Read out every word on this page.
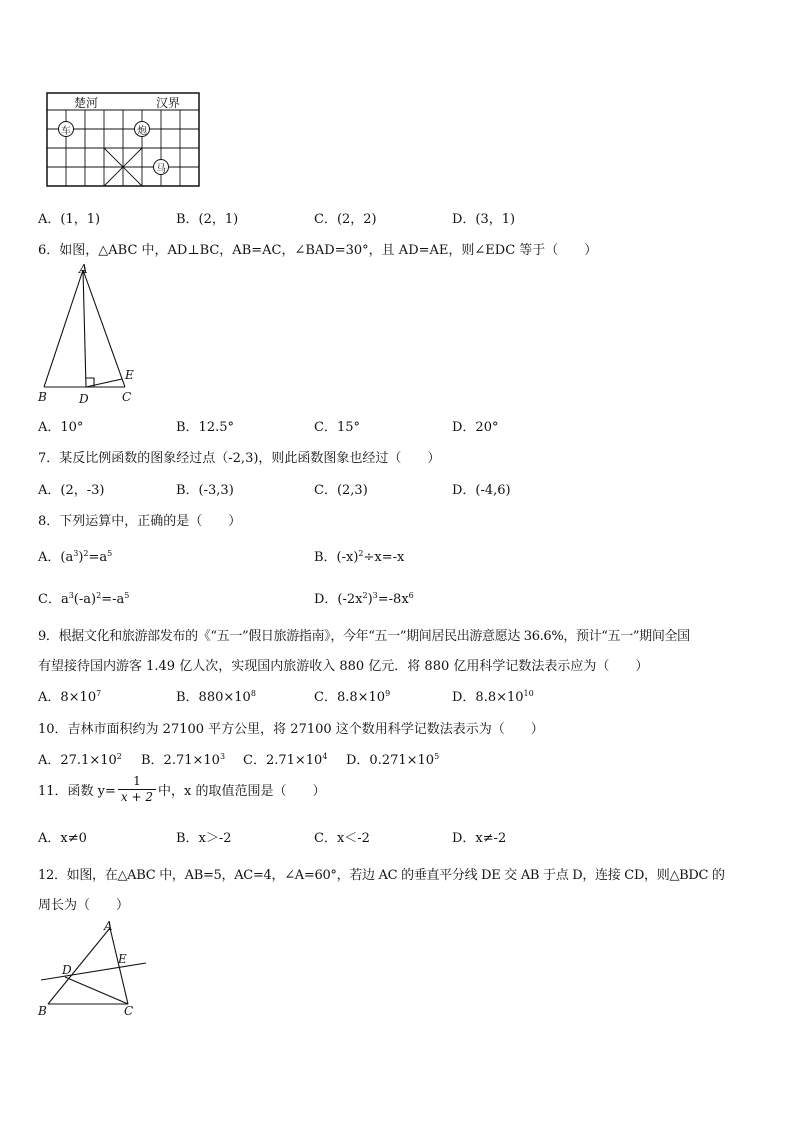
楚河	汉界
车	炮
马
A．(1，1)	B．(2，1)	C．(2，2)	D．(3，1)
6．如图，△ABC 中，AD⊥BC，AB=AC，∠BAD=30°，且 AD=AE，则∠EDC 等于（　　）
A
B	D	C
E
A．10°	B．12.5°	C．15°	D．20°
7．某反比例函数的图象经过点（-2,3)，则此函数图象也经过（　　）
A．(2，-3)	B．(-3,3)	C．(2,3)	D．(-4,6)
8．下列运算中，正确的是（　　）
A．$(a^3)^2=a^5$	B．$(-x)^2\div x=-x$
C．$a^3(-a)^2=-a^5$	D．$(-2x^2)^3=-8x^6$
9．根据文化和旅游部发布的《“五一”假日旅游指南》，今年“五一”期间居民出游意愿达 36.6%，预计“五一”期间全国
有望接待国内游客 1.49 亿人次，实现国内旅游收入 880 亿元．将 880 亿用科学记数法表示应为（　　）
A．$8\times 10^7$	B．$880\times 10^8$	C．$8.8\times 10^9$	D．$8.8\times 10^{10}$
10．吉林市面积约为 27100 平方公里，将 27100 这个数用科学记数法表示为（　　）
A．$27.1\times 10^2$ B．$2.71\times 10^3$ C．$2.71\times 10^4$ D．$0.271\times 10^5$
11．函数 $y= \frac{1}{x + 2}$ 中，x 的取值范围是（　　）
A．x≠0	B．x＞-2	C．x＜-2	D．x≠-2
12．如图，在△ABC 中，AB=5，AC=4，∠A=60°，若边 AC 的垂直平分线 DE 交 AB 于点 D，连接 CD，则△BDC 的
周长为（　　）
A
D
E
B	C
